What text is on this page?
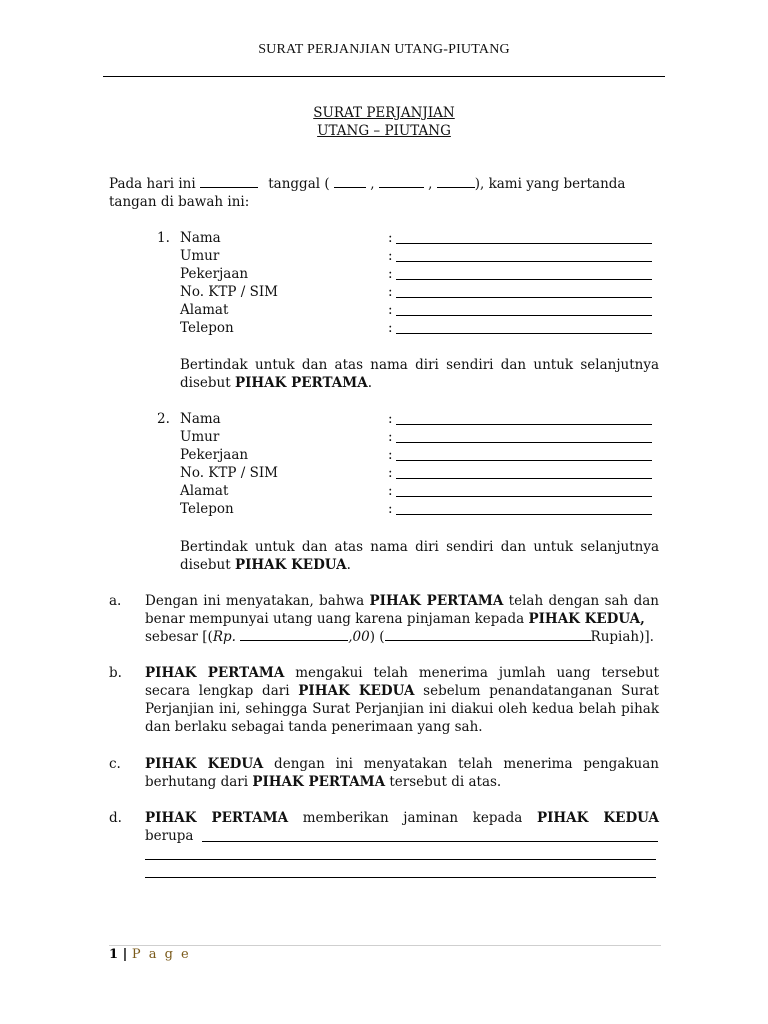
SURAT PERJANJIAN UTANG-PIUTANG
SURAT PERJANJIAN
UTANG – PIUTANG
Pada hari ini	tanggal (	,	,	), kami yang bertanda
tangan di bawah ini:
1. Nama	:
Umur	:
Pekerjaan	:
No. KTP / SIM	:
Alamat	:
Telepon	:
Bertindak untuk dan atas nama diri sendiri dan untuk selanjutnya disebut PIHAK PERTAMA.
2. Nama	:
Umur	:
Pekerjaan	:
No. KTP / SIM	:
Alamat	:
Telepon	:
Bertindak untuk dan atas nama diri sendiri dan untuk selanjutnya disebut PIHAK KEDUA.
a. Dengan ini menyatakan, bahwa PIHAK PERTAMA telah dengan sah dan benar mempunyai utang uang karena pinjaman kepada PIHAK KEDUA,
sebesar [(Rp.	,00) (	Rupiah)].
b. PIHAK PERTAMA mengakui telah menerima jumlah uang tersebut secara lengkap dari PIHAK KEDUA sebelum penandatanganan Surat Perjanjian ini, sehingga Surat Perjanjian ini diakui oleh kedua belah pihak dan berlaku sebagai tanda penerimaan yang sah.
c. PIHAK KEDUA dengan ini menyatakan telah menerima pengakuan berhutang dari PIHAK PERTAMA tersebut di atas.
d. PIHAK PERTAMA memberikan jaminan kepada PIHAK KEDUA
berupa
1 | P a g e
